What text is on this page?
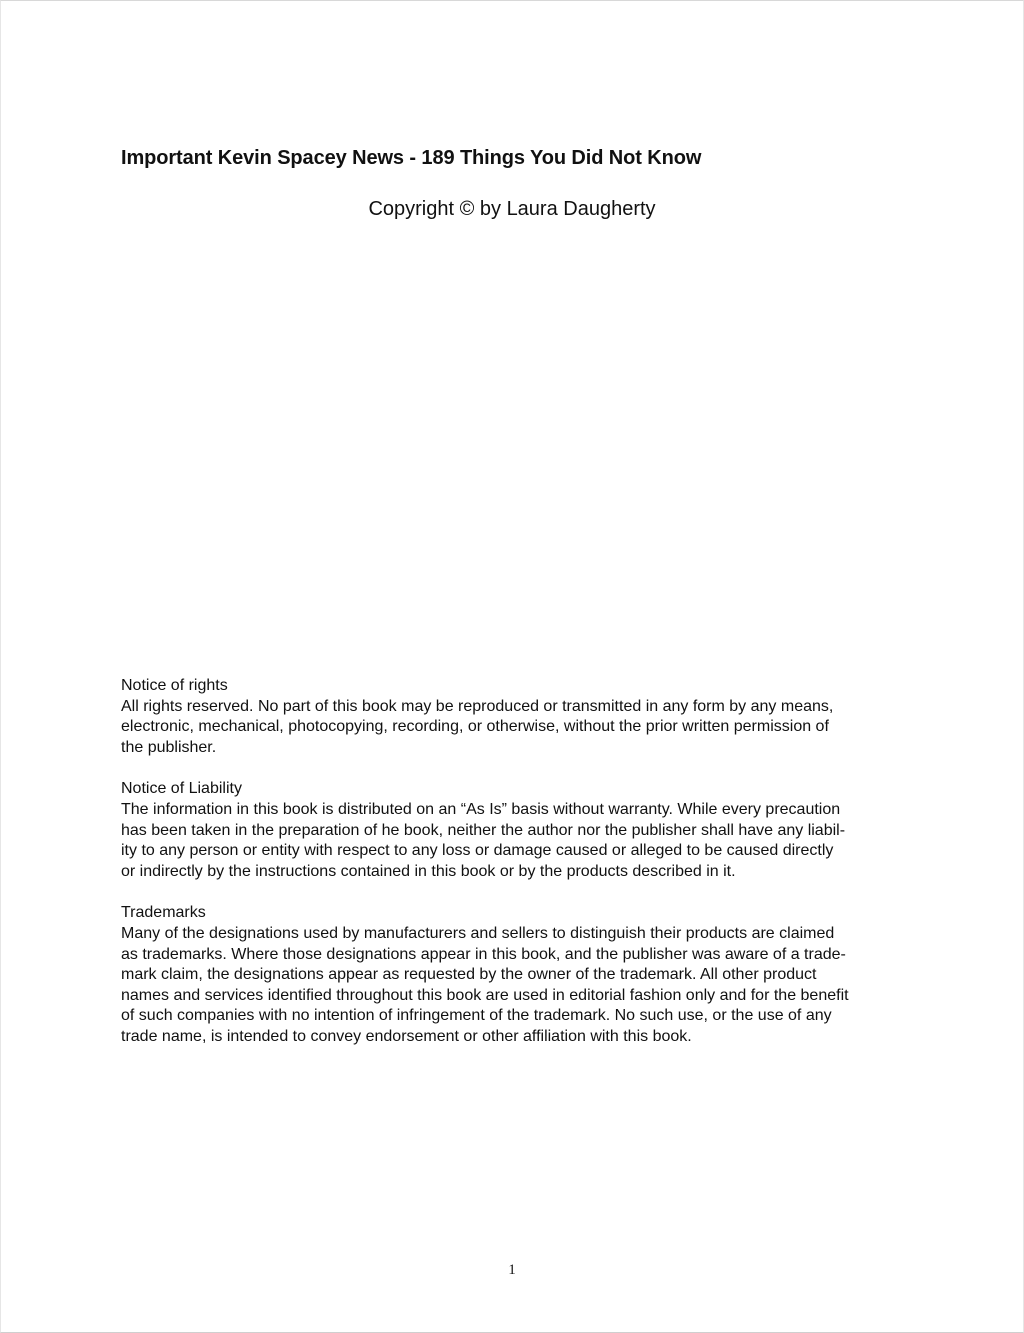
Important Kevin Spacey News - 189 Things You Did Not Know
Copyright © by Laura Daugherty
Notice of rights
All rights reserved. No part of this book may be reproduced or transmitted in any form by any means,
electronic, mechanical, photocopying, recording, or otherwise, without the prior written permission of
the publisher.
Notice of Liability
The information in this book is distributed on an “As Is” basis without warranty. While every precaution
has been taken in the preparation of he book, neither the author nor the publisher shall have any liabil-
ity to any person or entity with respect to any loss or damage caused or alleged to be caused directly
or indirectly by the instructions contained in this book or by the products described in it.
Trademarks
Many of the designations used by manufacturers and sellers to distinguish their products are claimed
as trademarks. Where those designations appear in this book, and the publisher was aware of a trade-
mark claim, the designations appear as requested by the owner of the trademark. All other product
names and services identified throughout this book are used in editorial fashion only and for the benefit
of such companies with no intention of infringement of the trademark. No such use, or the use of any
trade name, is intended to convey endorsement or other affiliation with this book.
1
